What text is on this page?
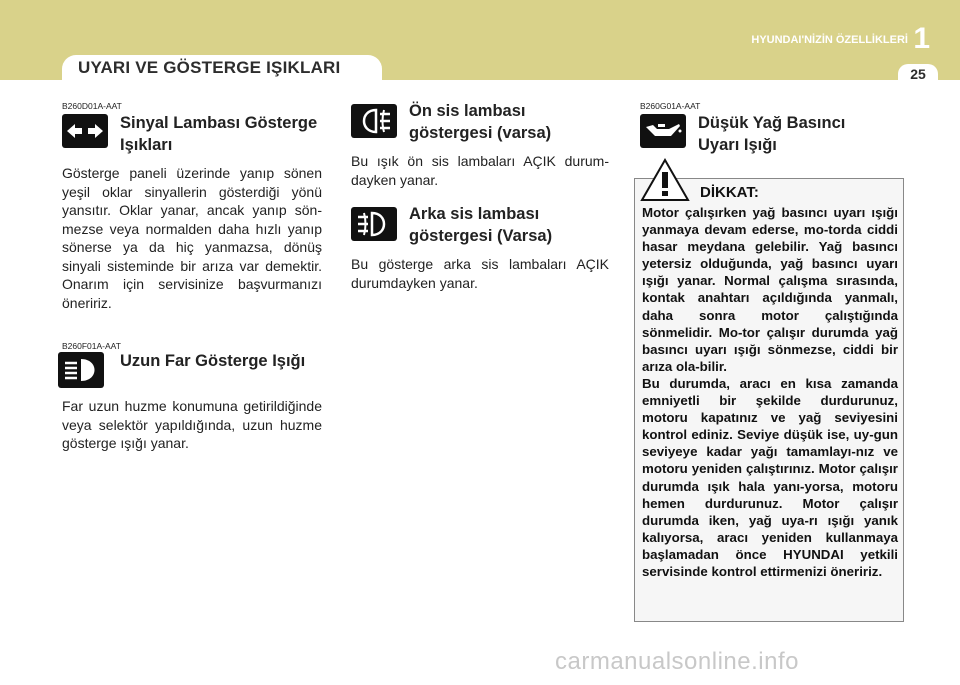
UYARI VE GÖSTERGE IŞIKLARI
HYUNDAI'NİZİN ÖZELLİKLERİ 1
25
B260D01A-AAT
Sinyal Lambası Gösterge
Işıkları
Gösterge paneli üzerinde yanıp sönen yeşil oklar sinyallerin gösterdiği yönü yansıtır. Oklar yanar, ancak yanıp sön-mezse veya normalden daha hızlı yanıp sönerse ya da hiç yanmazsa, dönüş sinyali sisteminde bir arıza var demektir. Onarım için servisinize başvurmanızı öneririz.
B260F01A-AAT
Uzun Far Gösterge Işığı
Far uzun huzme konumuna getirildiğinde veya selektör yapıldığında, uzun huzme gösterge ışığı yanar.
Ön sis lambası
göstergesi (varsa)
Bu ışık ön sis lambaları AÇIK durum-dayken yanar.
Arka sis lambası
göstergesi (Varsa)
Bu gösterge arka sis lambaları AÇIK durumdayken yanar.
B260G01A-AAT
Düşük Yağ Basıncı
Uyarı Işığı
DİKKAT:
Motor çalışırken yağ basıncı uyarı ışığı yanmaya devam ederse, mo-torda ciddi hasar meydana gelebilir. Yağ basıncı yetersiz olduğunda, yağ basıncı uyarı ışığı yanar. Normal çalışma sırasında, kontak anahtarı açıldığında yanmalı, daha sonra motor çalıştığında sönmelidir. Mo-tor çalışır durumda yağ basıncı uyarı ışığı sönmezse, ciddi bir arıza ola-bilir.
Bu durumda, aracı en kısa zamanda emniyetli bir şekilde durdurunuz, motoru kapatınız ve yağ seviyesini kontrol ediniz. Seviye düşük ise, uy-gun seviyeye kadar yağı tamamlayı-nız ve motoru yeniden çalıştırınız. Motor çalışır durumda ışık hala yanı-yorsa, motoru hemen durdurunuz. Motor çalışır durumda iken, yağ uya-rı ışığı yanık kalıyorsa, aracı yeniden kullanmaya başlamadan önce HYUNDAI yetkili servisinde kontrol ettirmenizi öneririz.
carmanualsonline.info
